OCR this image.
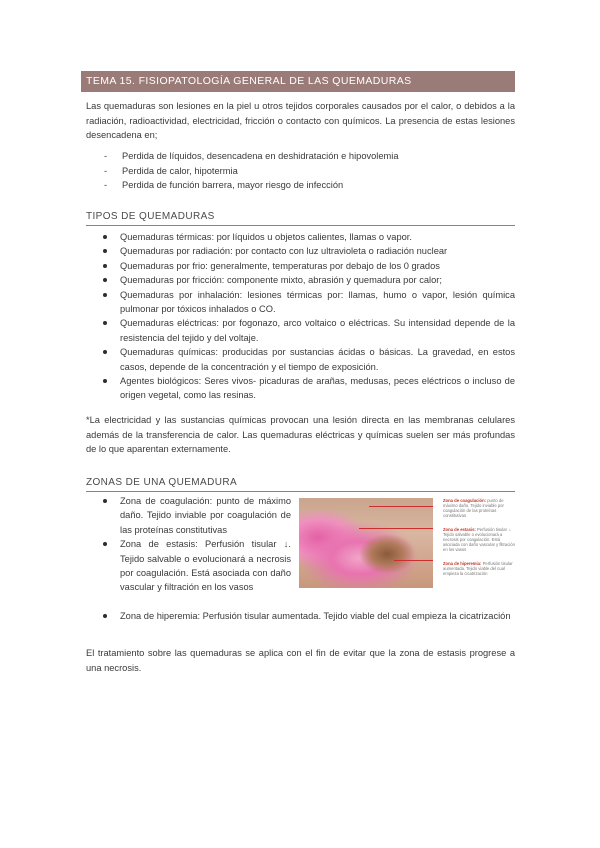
TEMA 15. FISIOPATOLOGÍA GENERAL DE LAS QUEMADURAS
Las quemaduras son lesiones en la piel u otros tejidos corporales causados por el calor, o debidos a la radiación, radioactividad, electricidad, fricción o contacto con químicos. La presencia de estas lesiones desencadena en;
- Perdida de líquidos, desencadena en deshidratación e hipovolemia
- Perdida de calor, hipotermia
- Perdida de función barrera, mayor riesgo de infección
TIPOS DE QUEMADURAS
Quemaduras térmicas: por líquidos u objetos calientes, llamas o vapor.
Quemaduras por radiación: por contacto con luz ultravioleta o radiación nuclear
Quemaduras por frio: generalmente, temperaturas por debajo de los 0 grados
Quemaduras por fricción: componente mixto, abrasión y quemadura por calor;
Quemaduras por inhalación: lesiones térmicas por: llamas, humo o vapor, lesión química pulmonar por tóxicos inhalados o CO.
Quemaduras eléctricas: por fogonazo, arco voltaico o eléctricas. Su intensidad depende de la resistencia del tejido y del voltaje.
Quemaduras químicas: producidas por sustancias ácidas o básicas. La gravedad, en estos casos, depende de la concentración y el tiempo de exposición.
Agentes biológicos: Seres vivos- picaduras de arañas, medusas, peces eléctricos o incluso de origen vegetal, como las resinas.
*La electricidad y las sustancias químicas provocan una lesión directa en las membranas celulares además de la transferencia de calor. Las quemaduras eléctricas y químicas suelen ser más profundas de lo que aparentan externamente.
ZONAS DE UNA QUEMADURA
Zona de coagulación: punto de máximo daño. Tejido inviable por coagulación de las proteínas constitutivas
Zona de estasis: Perfusión tisular ↓. Tejido salvable o evolucionará a necrosis por coagulación. Está asociada con daño vascular y filtración en los vasos
Zona de hiperemia: Perfusión tisular aumentada. Tejido viable del cual empieza la cicatrización
Zona de coagulación: punto de máximo daño. Tejido inviable por coagulación de las proteínas constitutivas
Zona de estasis: Perfusión tisular ↓. Tejido salvable o evolucionará a necrosis por coagulación. Está asociada con daño vascular y filtración en los vasos
Zona de hiperemia: Perfusión tisular aumentada. Tejido viable del cual empieza la cicatrización
El tratamiento sobre las quemaduras se aplica con el fin de evitar que la zona de estasis progrese a una necrosis.
